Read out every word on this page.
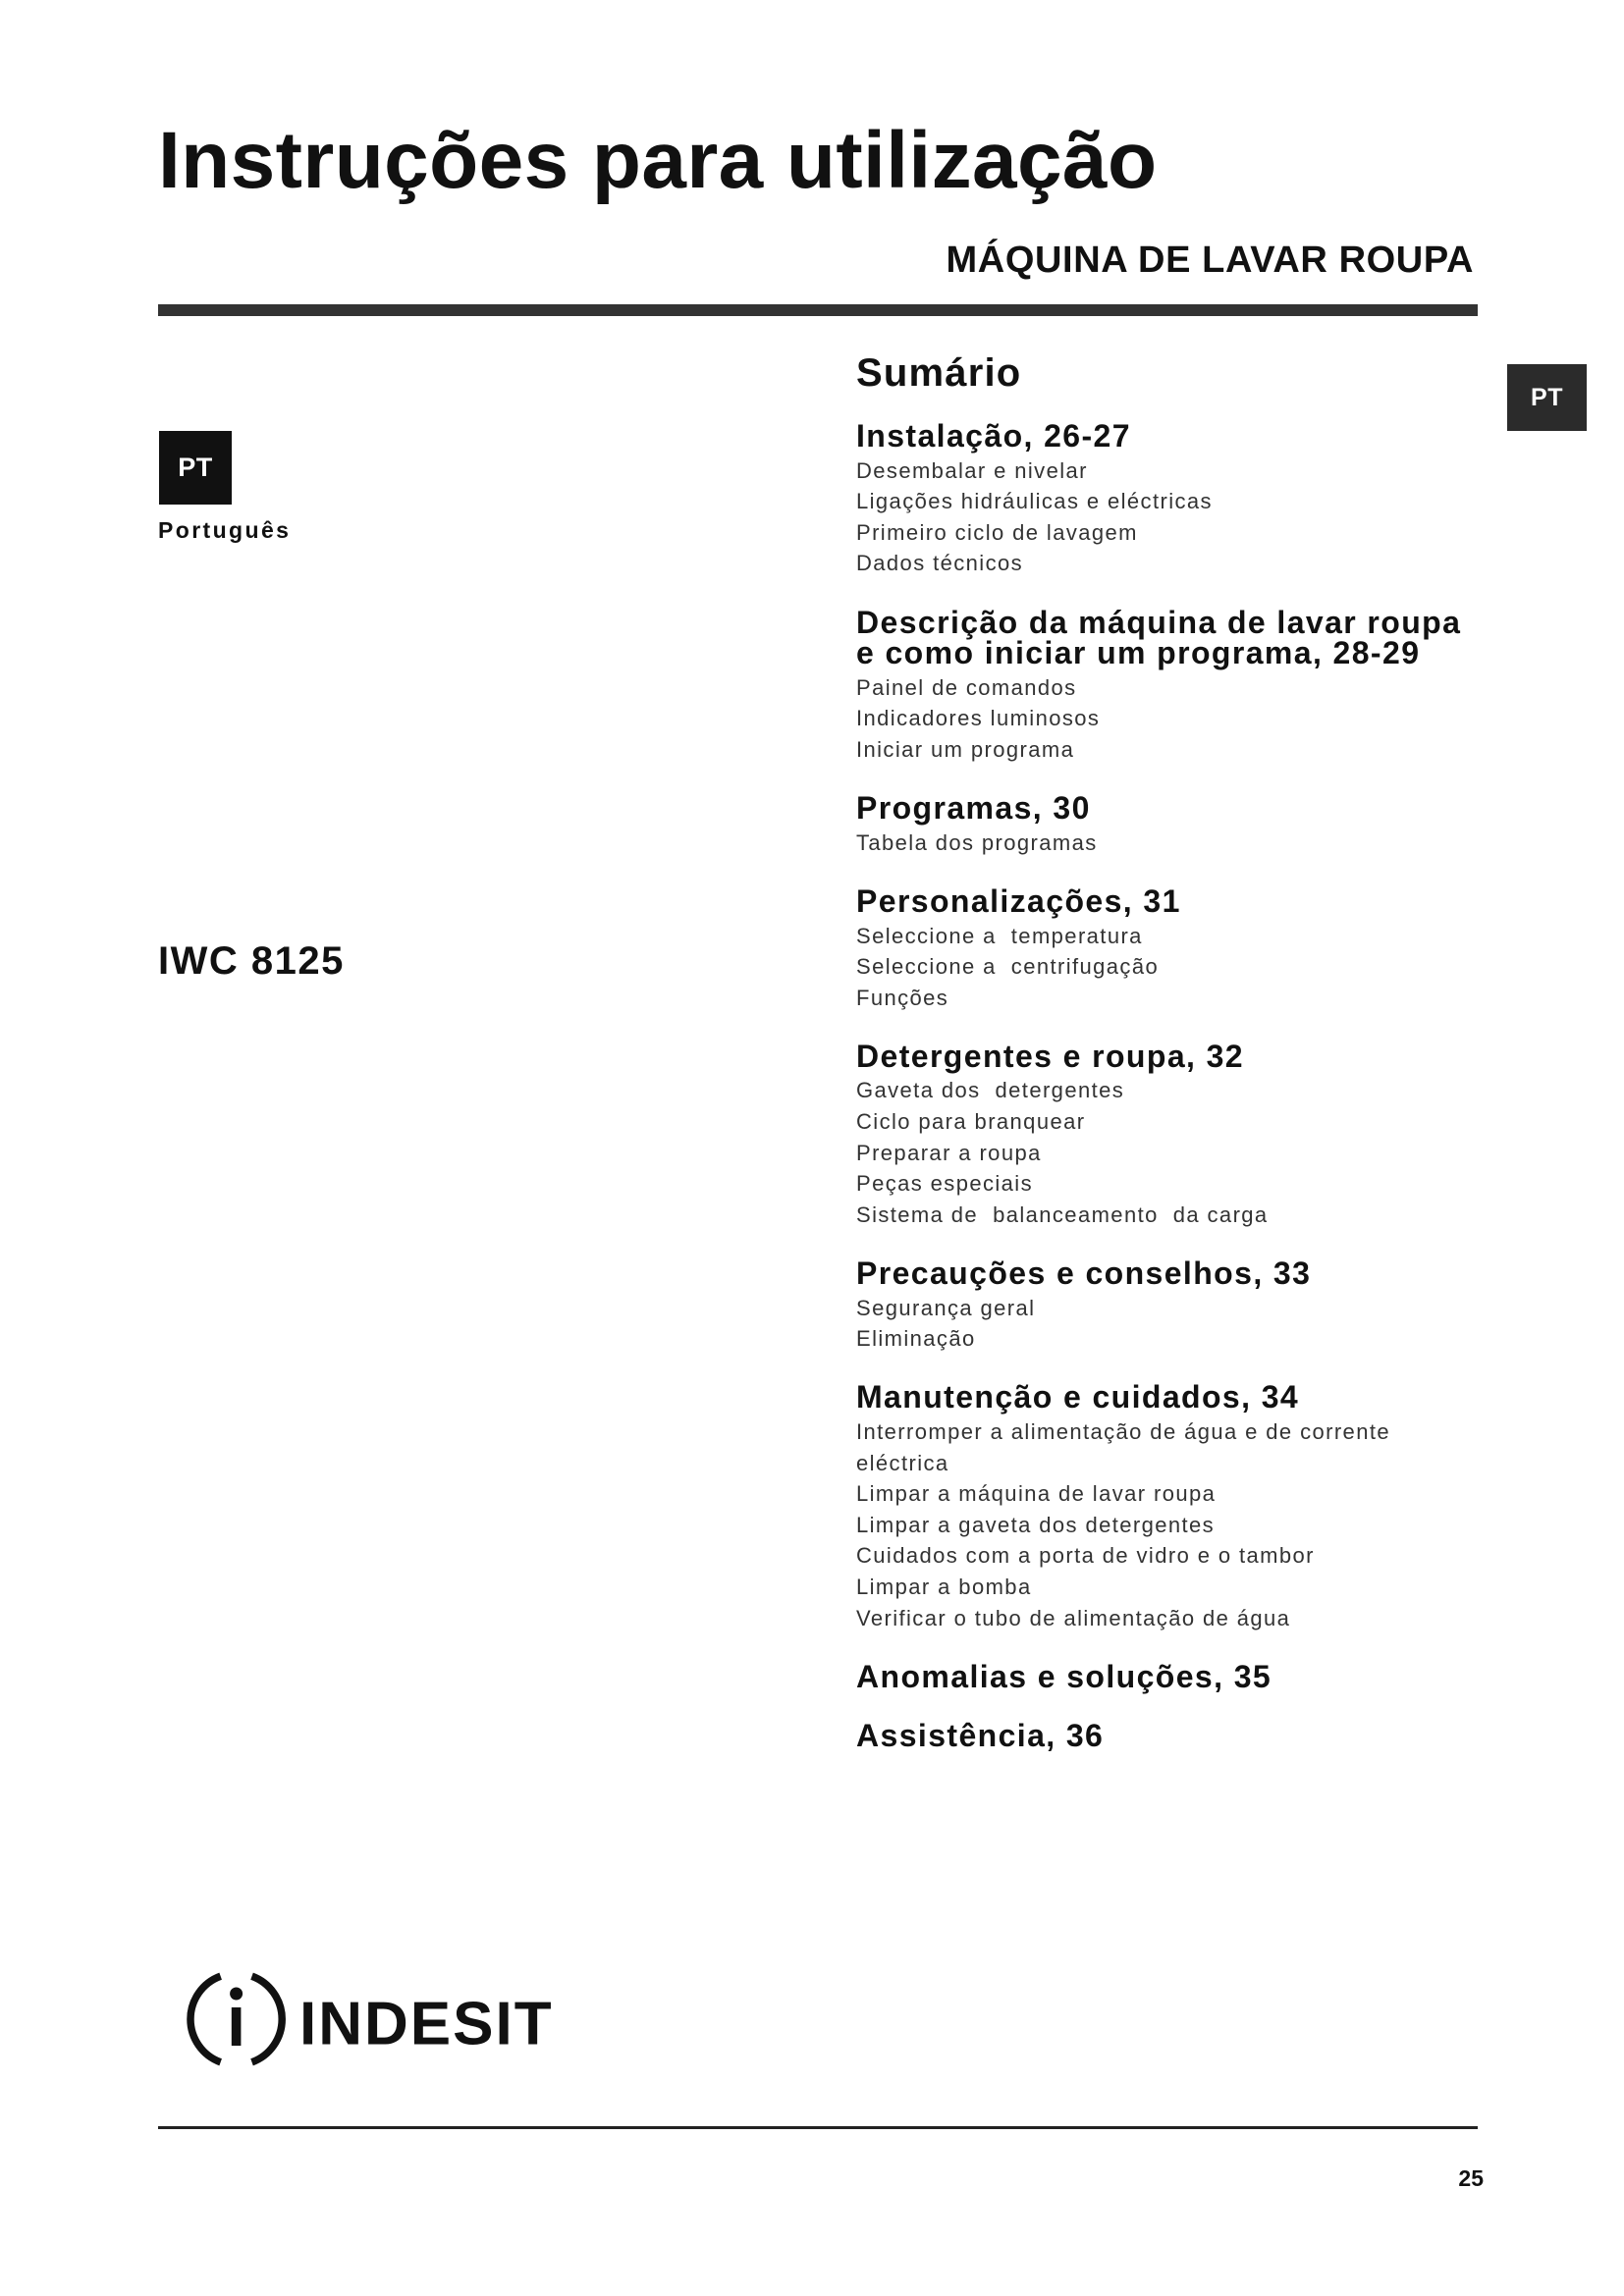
Instruções para utilização
MÁQUINA DE LAVAR ROUPA
PT
PT
Português
IWC 8125
Sumário
Instalação, 26-27
Desembalar e nivelar
Ligações hidráulicas e eléctricas
Primeiro ciclo de lavagem
Dados técnicos
Descrição da máquina de lavar roupa
e como iniciar um programa, 28-29
Painel de comandos
Indicadores luminosos
Iniciar um programa
Programas, 30
Tabela dos programas
Personalizações, 31
Seleccione a  temperatura
Seleccione a  centrifugação
Funções
Detergentes e roupa, 32
Gaveta dos  detergentes
Ciclo para branquear
Preparar a roupa
Peças especiais
Sistema de  balanceamento  da carga
Precauções e conselhos, 33
Segurança geral
Eliminação
Manutenção e cuidados, 34
Interromper a alimentação de água e de corrente
eléctrica
Limpar a máquina de lavar roupa
Limpar a gaveta dos detergentes
Cuidados com a porta de vidro e o tambor
Limpar a bomba
Verificar o tubo de alimentação de água
Anomalias e soluções, 35
Assistência, 36
INDESIT
25
